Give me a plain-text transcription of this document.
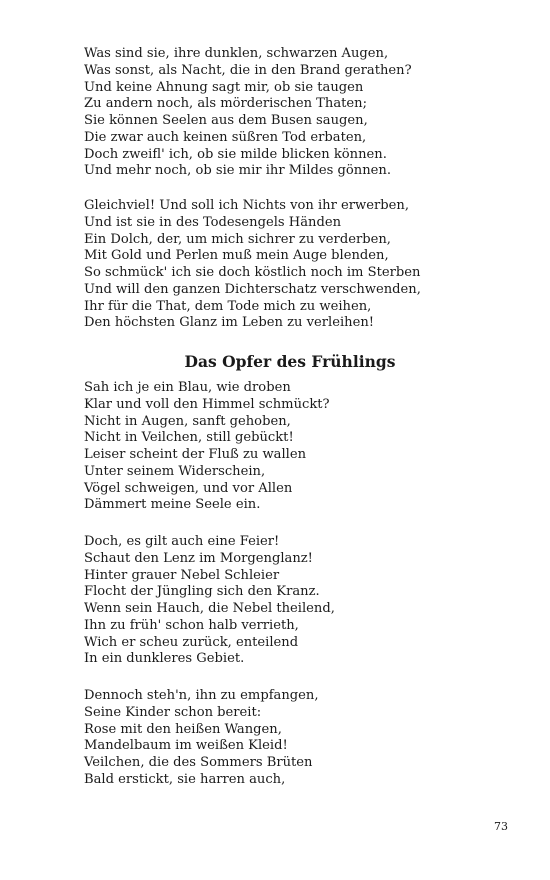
Was sind sie, ihre dunklen, schwarzen Augen,
Was sonst, als Nacht, die in den Brand gerathen?
Und keine Ahnung sagt mir, ob sie taugen
Zu andern noch, als mörderischen Thaten;
Sie können Seelen aus dem Busen saugen,
Die zwar auch keinen süßren Tod erbaten,
Doch zweifl' ich, ob sie milde blicken können.
Und mehr noch, ob sie mir ihr Mildes gönnen.
Gleichviel! Und soll ich Nichts von ihr erwerben,
Und ist sie in des Todesengels Händen
Ein Dolch, der, um mich sichrer zu verderben,
Mit Gold und Perlen muß mein Auge blenden,
So schmück' ich sie doch köstlich noch im Sterben
Und will den ganzen Dichterschatz verschwenden,
Ihr für die That, dem Tode mich zu weihen,
Den höchsten Glanz im Leben zu verleihen!
Das Opfer des Frühlings
Sah ich je ein Blau, wie droben
Klar und voll den Himmel schmückt?
Nicht in Augen, sanft gehoben,
Nicht in Veilchen, still gebückt!
Leiser scheint der Fluß zu wallen
Unter seinem Widerschein,
Vögel schweigen, und vor Allen
Dämmert meine Seele ein.
Doch, es gilt auch eine Feier!
Schaut den Lenz im Morgenglanz!
Hinter grauer Nebel Schleier
Flocht der Jüngling sich den Kranz.
Wenn sein Hauch, die Nebel theilend,
Ihn zu früh' schon halb verrieth,
Wich er scheu zurück, enteilend
In ein dunkleres Gebiet.
Dennoch steh'n, ihn zu empfangen,
Seine Kinder schon bereit:
Rose mit den heißen Wangen,
Mandelbaum im weißen Kleid!
Veilchen, die des Sommers Brüten
Bald erstickt, sie harren auch,
73
